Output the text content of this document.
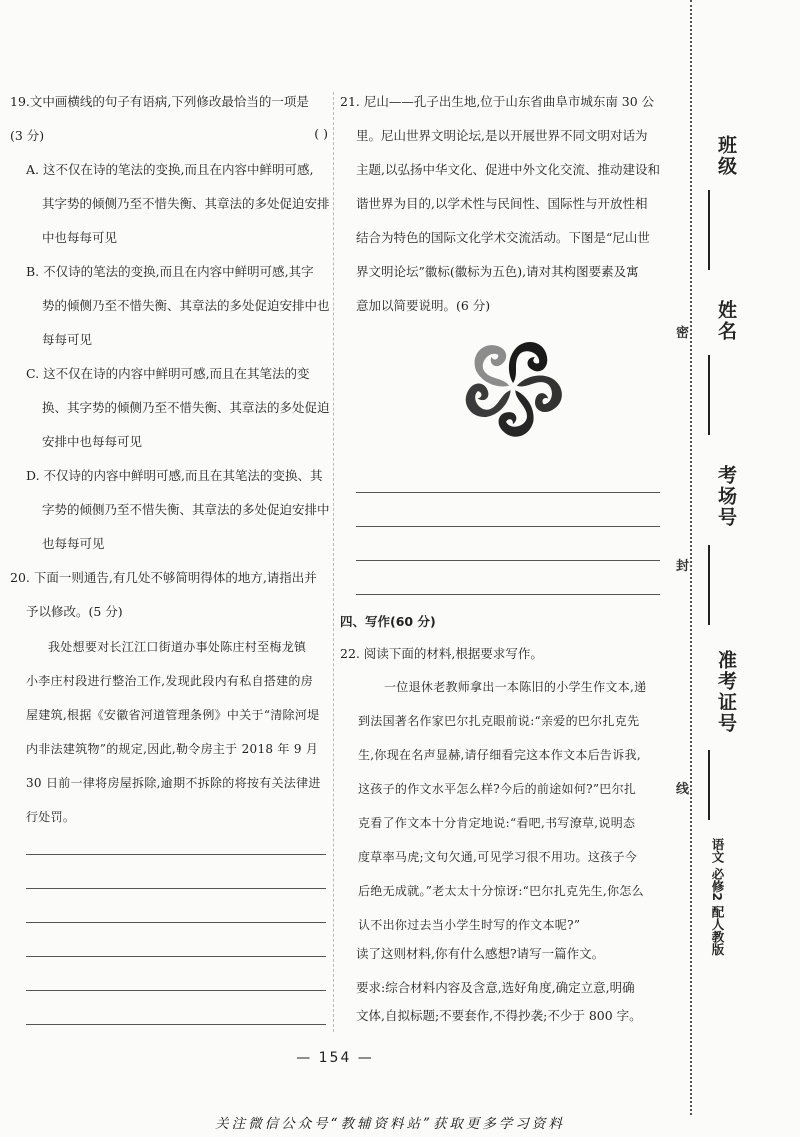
19.文中画横线的句子有语病,下列修改最恰当的一项是
(3 分)	( )
A. 这不仅在诗的笔法的变换,而且在内容中鲜明可感,
其字势的倾侧乃至不惜失衡、其章法的多处促迫安排
中也每每可见
B. 不仅诗的笔法的变换,而且在内容中鲜明可感,其字
势的倾侧乃至不惜失衡、其章法的多处促迫安排中也
每每可见
C. 这不仅在诗的内容中鲜明可感,而且在其笔法的变
换、其字势的倾侧乃至不惜失衡、其章法的多处促迫
安排中也每每可见
D. 不仅诗的内容中鲜明可感,而且在其笔法的变换、其
字势的倾侧乃至不惜失衡、其章法的多处促迫安排中
也每每可见
20. 下面一则通告,有几处不够简明得体的地方,请指出并
予以修改。(5 分)
我处想要对长江江口街道办事处陈庄村至梅龙镇
小李庄村段进行整治工作,发现此段内有私自搭建的房
屋建筑,根据《安徽省河道管理条例》中关于“清除河堤
内非法建筑物”的规定,因此,勒令房主于 2018 年 9 月
30 日前一律将房屋拆除,逾期不拆除的将按有关法律进
行处罚。
21. 尼山——孔子出生地,位于山东省曲阜市城东南 30 公
里。尼山世界文明论坛,是以开展世界不同文明对话为
主题,以弘扬中华文化、促进中外文化交流、推动建设和
谐世界为目的,以学术性与民间性、国际性与开放性相
结合为特色的国际文化学术交流活动。下图是“尼山世
界文明论坛”徽标(徽标为五色),请对其构图要素及寓
意加以简要说明。(6 分)
四、写作(60 分)
22. 阅读下面的材料,根据要求写作。
一位退休老教师拿出一本陈旧的小学生作文本,递
到法国著名作家巴尔扎克眼前说:“亲爱的巴尔扎克先
生,你现在名声显赫,请仔细看完这本作文本后告诉我,
这孩子的作文水平怎么样?今后的前途如何?”巴尔扎
克看了作文本十分肯定地说:“看吧,书写潦草,说明态
度草率马虎;文句欠通,可见学习很不用功。这孩子今
后绝无成就。”老太太十分惊讶:“巴尔扎克先生,你怎么
认不出你过去当小学生时写的作文本呢?”
读了这则材料,你有什么感想?请写一篇作文。
要求:综合材料内容及含意,选好角度,确定立意,明确
文体,自拟标题;不要套作,不得抄袭;不少于 800 字。
— 154 —
关注微信公众号“教辅资料站”获取更多学习资料
班级
姓名
考场号
准考证号
密
封
线
语文 必修2 配人教版
